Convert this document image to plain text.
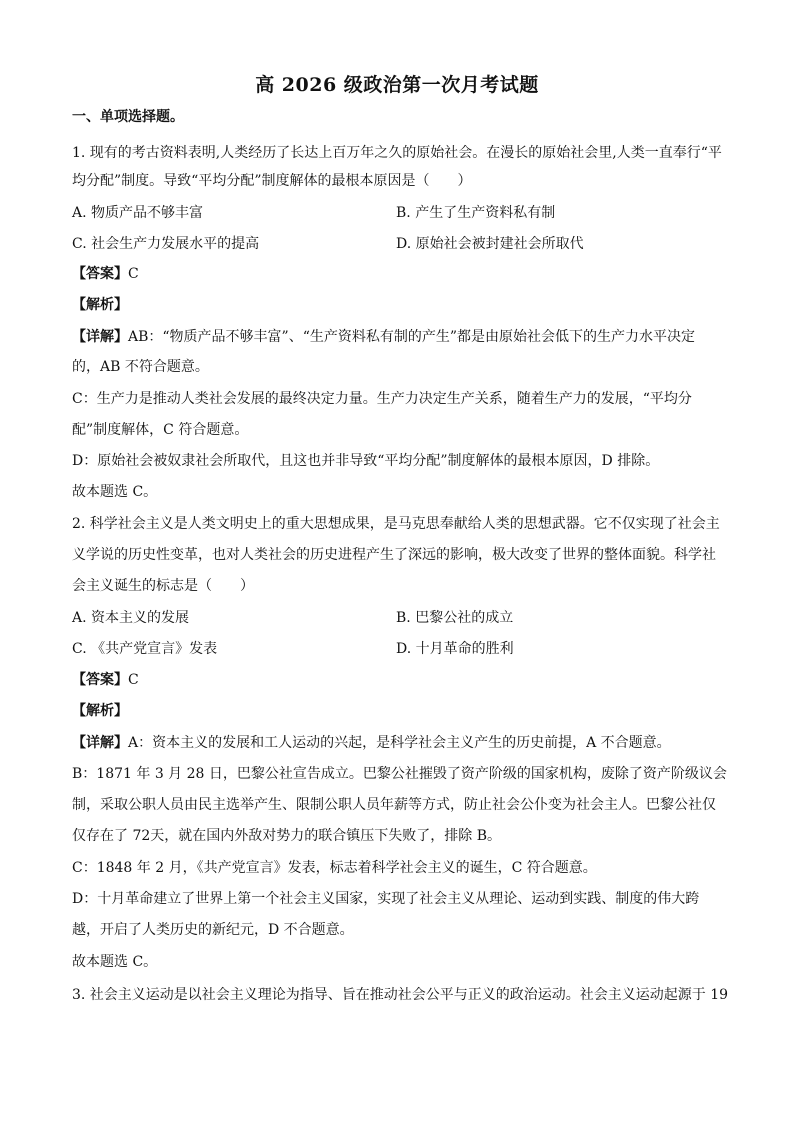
高 2026 级政治第一次月考试题
一、单项选择题。
1. 现有的考古资料表明,人类经历了长达上百万年之久的原始社会。在漫长的原始社会里,人类一直奉行“平
均分配”制度。导致“平均分配”制度解体的最根本原因是（　　）
A. 物质产品不够丰富	B. 产生了生产资料私有制
C. 社会生产力发展水平的提高	D. 原始社会被封建社会所取代
【答案】C
【解析】
【详解】AB：“物质产品不够丰富”、“生产资料私有制的产生”都是由原始社会低下的生产力水平决定
的，AB 不符合题意。
C：生产力是推动人类社会发展的最终决定力量。生产力决定生产关系，随着生产力的发展，“平均分
配”制度解体，C 符合题意。
D：原始社会被奴隶社会所取代，且这也并非导致“平均分配”制度解体的最根本原因，D 排除。
故本题选 C。
2. 科学社会主义是人类文明史上的重大思想成果，是马克思奉献给人类的思想武器。它不仅实现了社会主
义学说的历史性变革，也对人类社会的历史进程产生了深远的影响，极大改变了世界的整体面貌。科学社
会主义诞生的标志是（　　）
A. 资本主义的发展	B. 巴黎公社的成立
C. 《共产党宣言》发表	D. 十月革命的胜利
【答案】C
【解析】
【详解】A：资本主义的发展和工人运动的兴起，是科学社会主义产生的历史前提，A 不合题意。
B：1871 年 3 月 28 日，巴黎公社宣告成立。巴黎公社摧毁了资产阶级的国家机构，废除了资产阶级议会
制，采取公职人员由民主选举产生、限制公职人员年薪等方式，防止社会公仆变为社会主人。巴黎公社仅
仅存在了 72天，就在国内外敌对势力的联合镇压下失败了，排除 B。
C：1848 年 2 月，《共产党宣言》发表，标志着科学社会主义的诞生，C 符合题意。
D：十月革命建立了世界上第一个社会主义国家，实现了社会主义从理论、运动到实践、制度的伟大跨
越，开启了人类历史的新纪元，D 不合题意。
故本题选 C。
3. 社会主义运动是以社会主义理论为指导、旨在推动社会公平与正义的政治运动。社会主义运动起源于 19
